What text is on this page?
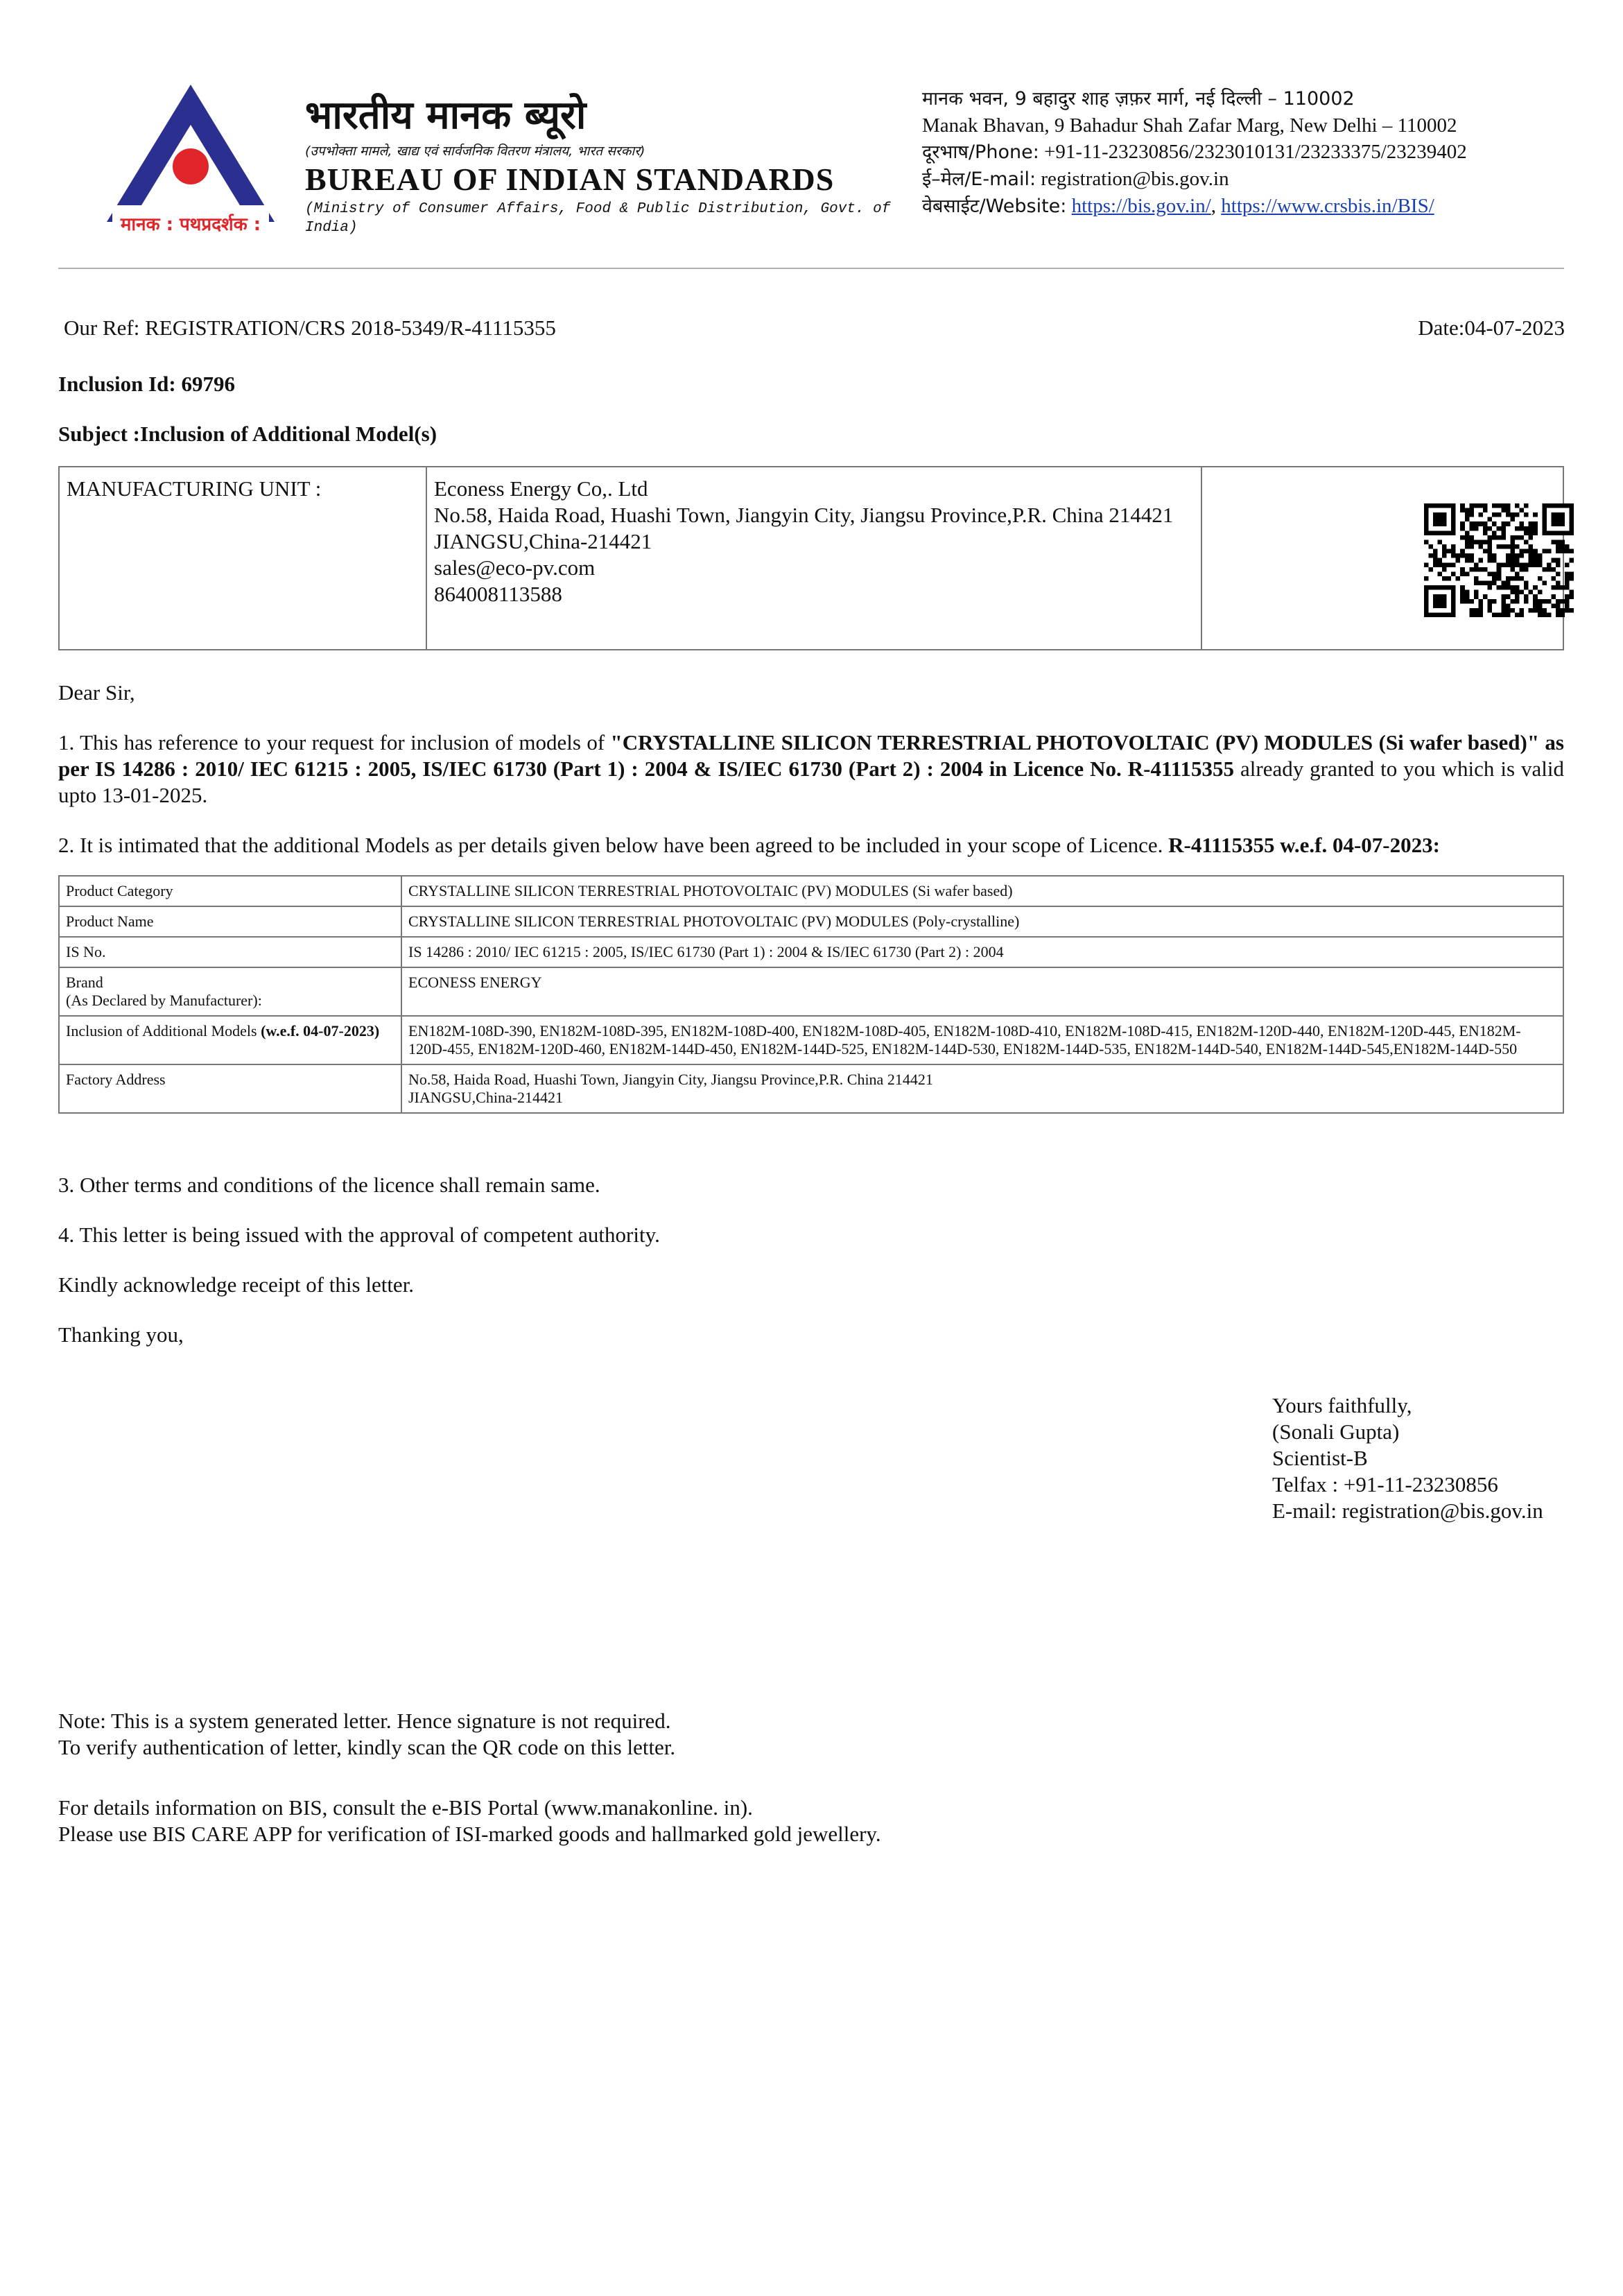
मानक : पथप्रदर्शक :
भारतीय मानक ब्यूरो
(उपभोक्ता मामले, खाद्य एवं सार्वजनिक वितरण मंत्रालय, भारत सरकार)
BUREAU OF INDIAN STANDARDS
(Ministry of Consumer Affairs, Food & Public Distribution, Govt. of India)
मानक भवन, 9 बहादुर शाह ज़फ़र मार्ग, नई दिल्ली – 110002
Manak Bhavan, 9 Bahadur Shah Zafar Marg, New Delhi – 110002
दूरभाष/Phone: +91-11-23230856/2323010131/23233375/23239402
ई–मेल/E-mail: registration@bis.gov.in
वेबसाईट/Website: https://bis.gov.in/, https://www.crsbis.in/BIS/
Our Ref: REGISTRATION/CRS 2018-5349/R-41115355	Date:04-07-2023
Inclusion Id: 69796
Subject :Inclusion of Additional Model(s)
MANUFACTURING UNIT :	Econess Energy Co,. Ltd
No.58, Haida Road, Huashi Town, Jiangyin City, Jiangsu Province,P.R. China 214421
JIANGSU,China-214421
sales@eco-pv.com
864008113588
Dear Sir,
1. This has reference to your request for inclusion of models of "CRYSTALLINE SILICON TERRESTRIAL PHOTOVOLTAIC (PV) MODULES (Si wafer based)" as per IS 14286 : 2010/ IEC 61215 : 2005, IS/IEC 61730 (Part 1) : 2004 & IS/IEC 61730 (Part 2) : 2004 in Licence No. R-41115355 already granted to you which is valid upto 13-01-2025.
2. It is intimated that the additional Models as per details given below have been agreed to be included in your scope of Licence. R-41115355 w.e.f. 04-07-2023:
Product Category	CRYSTALLINE SILICON TERRESTRIAL PHOTOVOLTAIC (PV) MODULES (Si wafer based)
Product Name	CRYSTALLINE SILICON TERRESTRIAL PHOTOVOLTAIC (PV) MODULES (Poly-crystalline)
IS No.	IS 14286 : 2010/ IEC 61215 : 2005, IS/IEC 61730 (Part 1) : 2004 & IS/IEC 61730 (Part 2) : 2004

Brand
(As Declared by Manufacturer):	ECONESS ENERGY
Inclusion of Additional Models (w.e.f. 04-07-2023)	EN182M-108D-390, EN182M-108D-395, EN182M-108D-400, EN182M-108D-405, EN182M-108D-410, EN182M-108D-415, EN182M-120D-440, EN182M-120D-445, EN182M-120D-455, EN182M-120D-460, EN182M-144D-450, EN182M-144D-525, EN182M-144D-530, EN182M-144D-535, EN182M-144D-540, EN182M-144D-545,EN182M-144D-550
Factory Address	No.58, Haida Road, Huashi Town, Jiangyin City, Jiangsu Province,P.R. China 214421
JIANGSU,China-214421
3. Other terms and conditions of the licence shall remain same.
4. This letter is being issued with the approval of competent authority.
Kindly acknowledge receipt of this letter.
Thanking you,
Yours faithfully,
(Sonali Gupta)
Scientist-B
Telfax : +91-11-23230856
E-mail: registration@bis.gov.in
Note: This is a system generated letter. Hence signature is not required.
To verify authentication of letter, kindly scan the QR code on this letter.
For details information on BIS, consult the e-BIS Portal (www.manakonline. in).
Please use BIS CARE APP for verification of ISI-marked goods and hallmarked gold jewellery.
